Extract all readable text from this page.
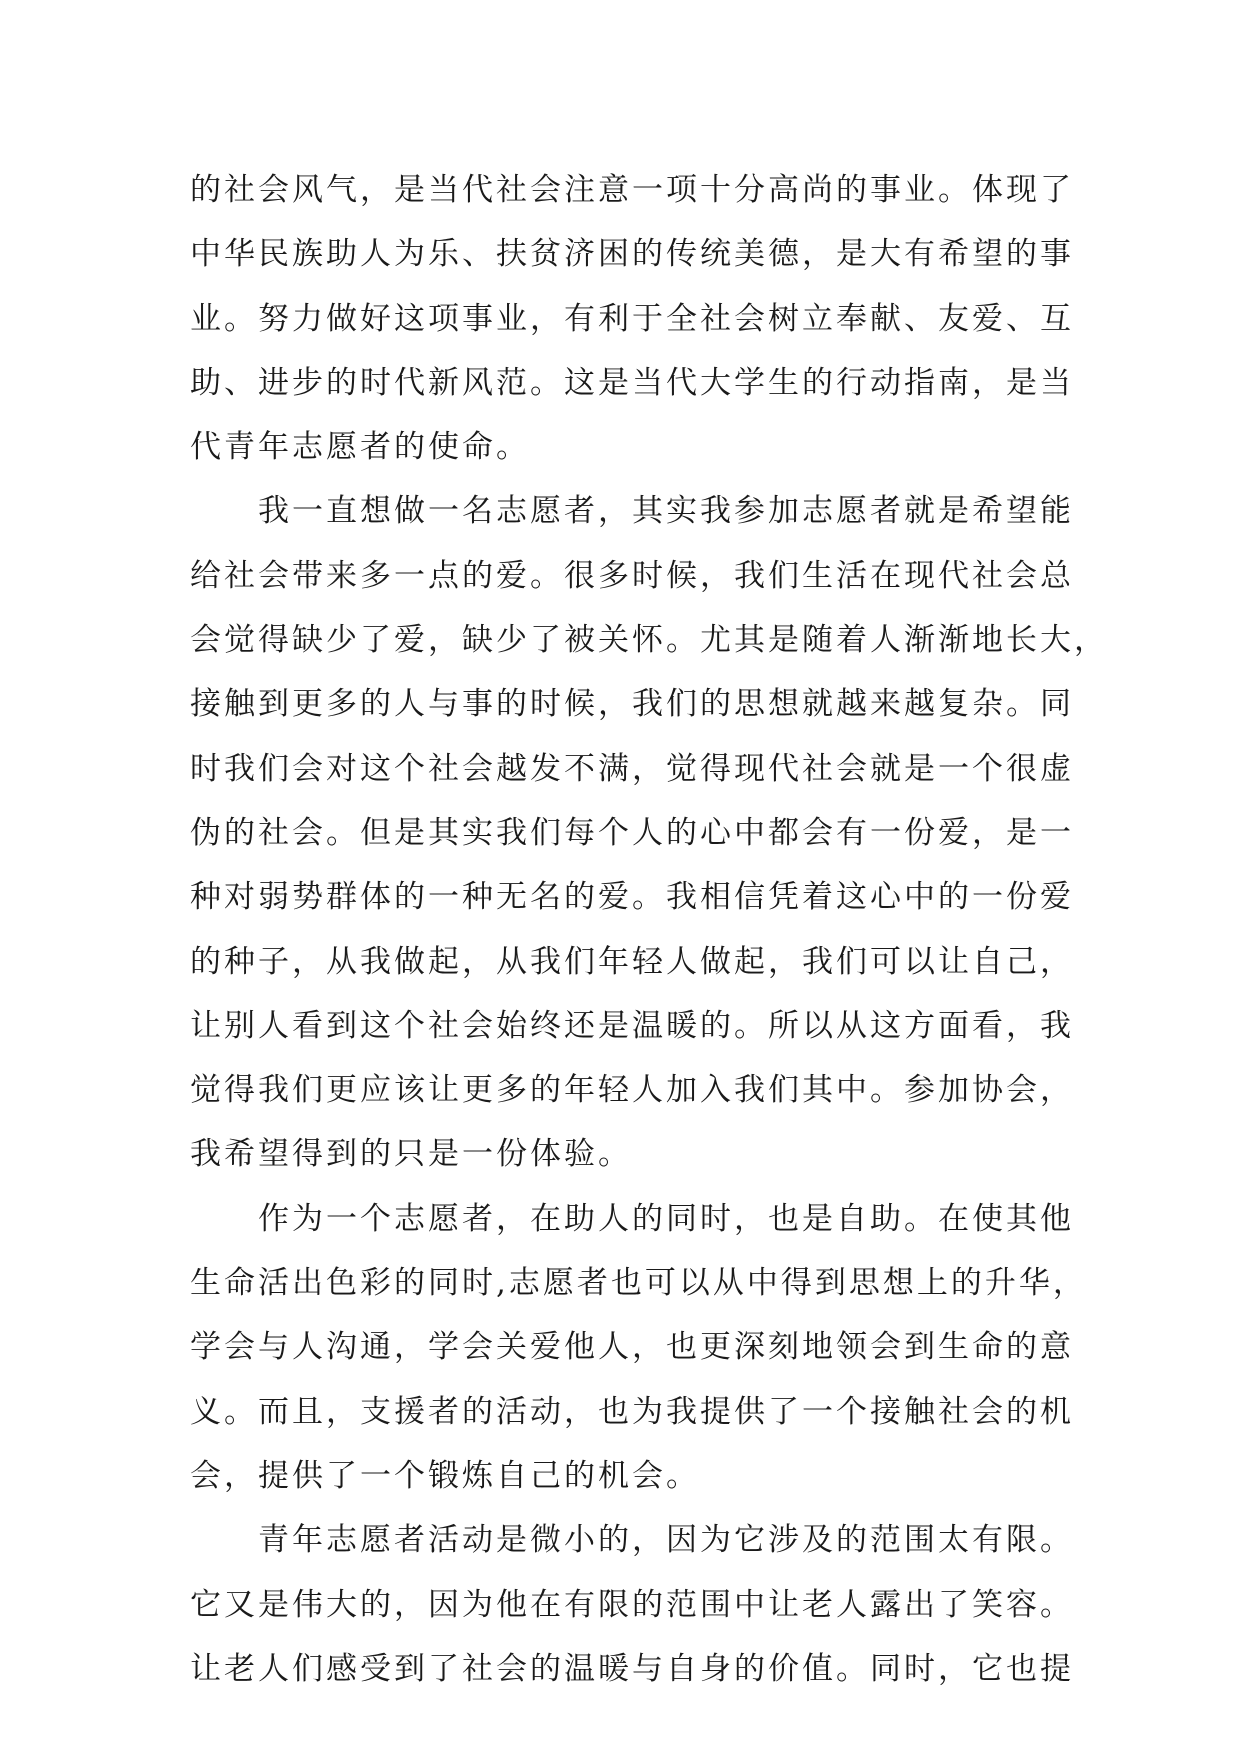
的社会风气，是当代社会注意一项十分高尚的事业。体现了
中华民族助人为乐、扶贫济困的传统美德，是大有希望的事
业。努力做好这项事业，有利于全社会树立奉献、友爱、互
助、进步的时代新风范。这是当代大学生的行动指南，是当
代青年志愿者的使命。
　　我一直想做一名志愿者，其实我参加志愿者就是希望能
给社会带来多一点的爱。很多时候，我们生活在现代社会总
会觉得缺少了爱，缺少了被关怀。尤其是随着人渐渐地长大，
接触到更多的人与事的时候，我们的思想就越来越复杂。同
时我们会对这个社会越发不满，觉得现代社会就是一个很虚
伪的社会。但是其实我们每个人的心中都会有一份爱，是一
种对弱势群体的一种无名的爱。我相信凭着这心中的一份爱
的种子，从我做起，从我们年轻人做起，我们可以让自己，
让别人看到这个社会始终还是温暖的。所以从这方面看，我
觉得我们更应该让更多的年轻人加入我们其中。参加协会，
我希望得到的只是一份体验。
　　作为一个志愿者，在助人的同时，也是自助。在使其他
生命活出色彩的同时,志愿者也可以从中得到思想上的升华，
学会与人沟通，学会关爱他人，也更深刻地领会到生命的意
义。而且，支援者的活动，也为我提供了一个接触社会的机
会，提供了一个锻炼自己的机会。
　　青年志愿者活动是微小的，因为它涉及的范围太有限。
它又是伟大的，因为他在有限的范围中让老人露出了笑容。
让老人们感受到了社会的温暖与自身的价值。同时，它也提
